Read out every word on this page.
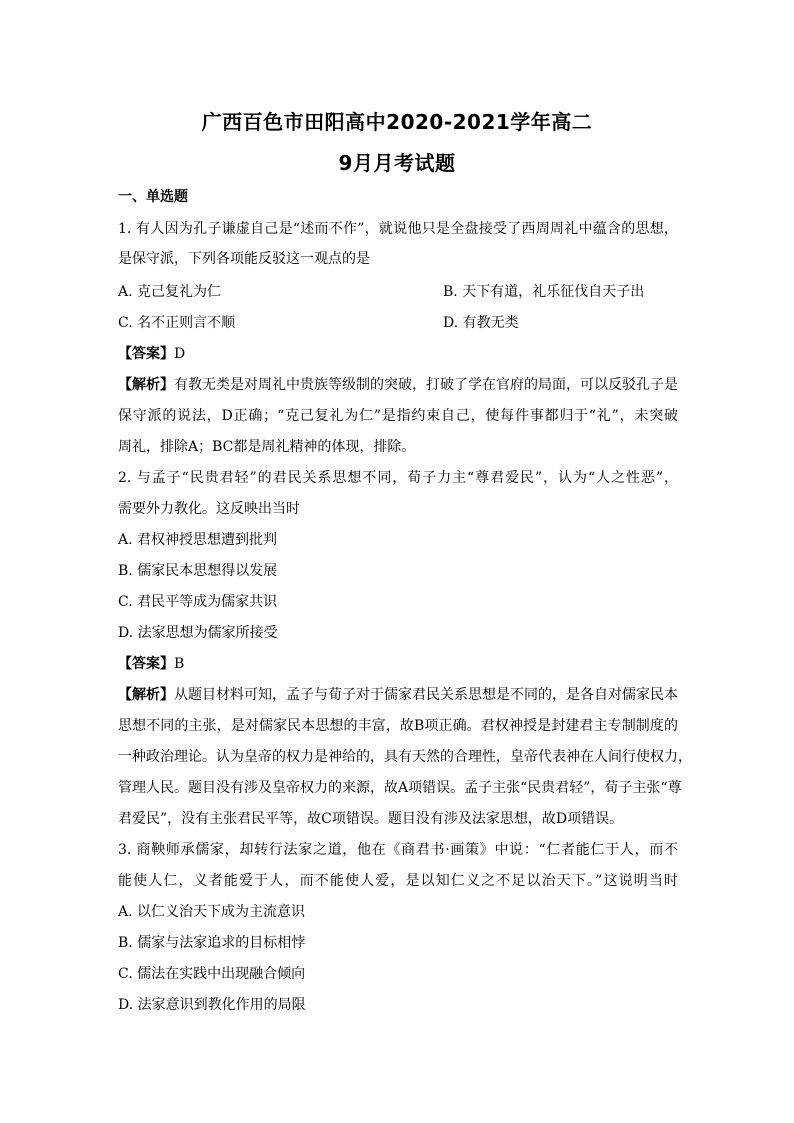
广西百色市田阳高中2020-2021学年高二
9月月考试题
一、单选题
1. 有人因为孔子谦虚自己是“述而不作”，就说他只是全盘接受了西周周礼中蕴含的思想，
是保守派，下列各项能反驳这一观点的是
A. 克己复礼为仁	B. 天下有道，礼乐征伐自天子出
C. 名不正则言不顺	D. 有教无类
【答案】D
【解析】有教无类是对周礼中贵族等级制的突破，打破了学在官府的局面，可以反驳孔子是
保守派的说法，D正确；“克己复礼为仁”是指约束自己，使每件事都归于“礼”，未突破
周礼，排除A；BC都是周礼精神的体现，排除。
2. 与孟子“民贵君轻”的君民关系思想不同，荀子力主“尊君爱民”，认为“人之性恶”，
需要外力教化。这反映出当时
A. 君权神授思想遭到批判
B. 儒家民本思想得以发展
C. 君民平等成为儒家共识
D. 法家思想为儒家所接受
【答案】B
【解析】从题目材料可知，孟子与荀子对于儒家君民关系思想是不同的，是各自对儒家民本
思想不同的主张，是对儒家民本思想的丰富，故B项正确。君权神授是封建君主专制制度的
一种政治理论。认为皇帝的权力是神给的，具有天然的合理性，皇帝代表神在人间行使权力，
管理人民。题目没有涉及皇帝权力的来源，故A项错误。孟子主张“民贵君轻”，荀子主张“尊
君爱民”，没有主张君民平等，故C项错误。题目没有涉及法家思想，故D项错误。
3. 商鞅师承儒家，却转行法家之道，他在《商君书·画策》中说：“仁者能仁于人，而不
能使人仁，义者能爱于人，而不能使人爱，是以知仁义之不足以治天下。”这说明当时
A. 以仁义治天下成为主流意识
B. 儒家与法家追求的目标相悖
C. 儒法在实践中出现融合倾向
D. 法家意识到教化作用的局限
